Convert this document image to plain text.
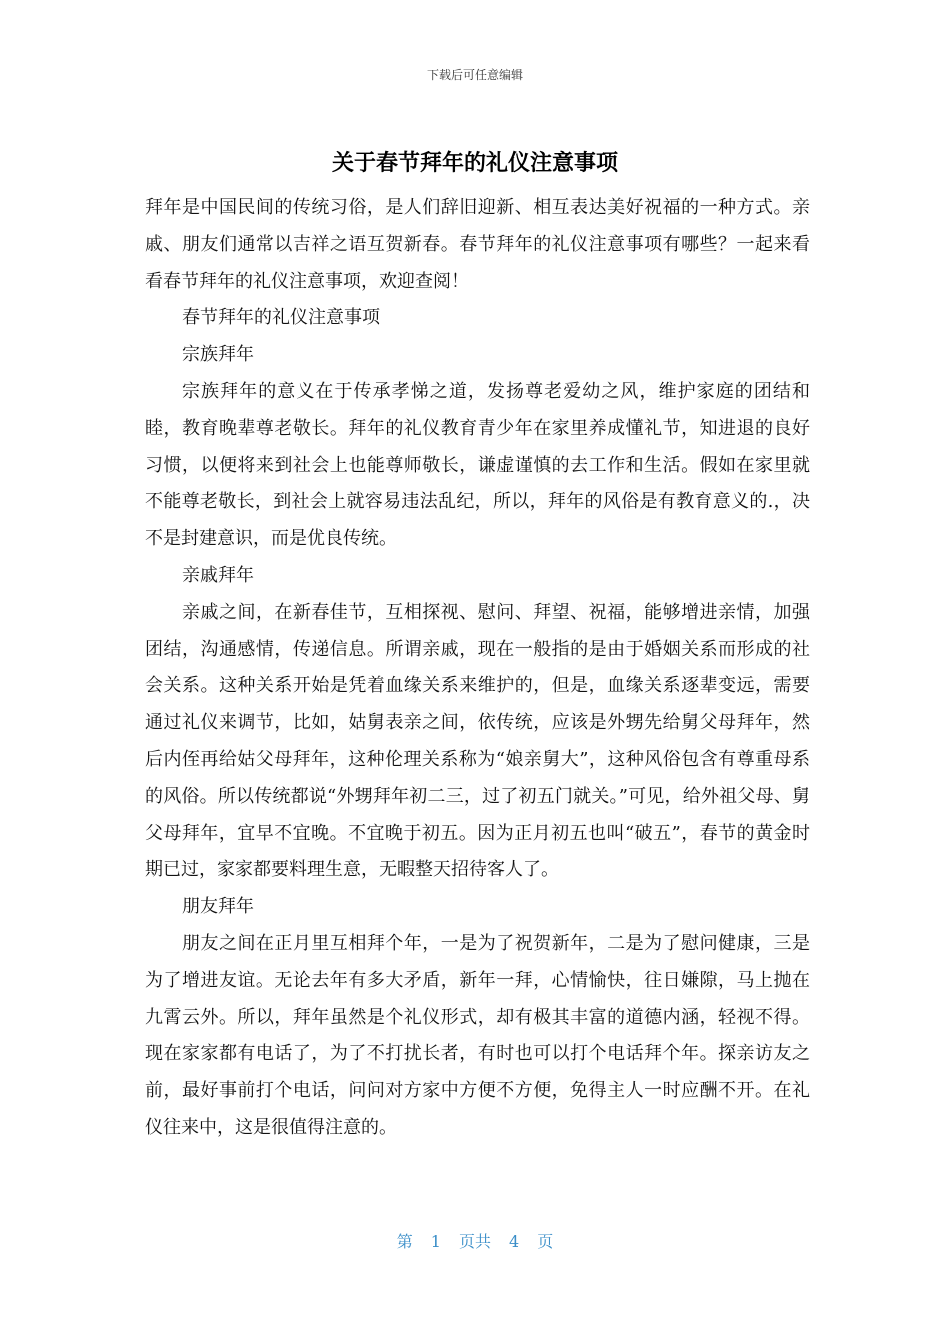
下载后可任意编辑
关于春节拜年的礼仪注意事项

拜年是中国民间的传统习俗，是人们辞旧迎新、相互表达美好祝福的一种方式。亲戚、朋友们通常以吉祥之语互贺新春。春节拜年的礼仪注意事项有哪些？一起来看看春节拜年的礼仪注意事项，欢迎查阅！

春节拜年的礼仪注意事项

宗族拜年

宗族拜年的意义在于传承孝悌之道，发扬尊老爱幼之风，维护家庭的团结和睦，教育晚辈尊老敬长。拜年的礼仪教育青少年在家里养成懂礼节，知进退的良好习惯，以便将来到社会上也能尊师敬长，谦虚谨慎的去工作和生活。假如在家里就不能尊老敬长，到社会上就容易违法乱纪，所以，拜年的风俗是有教育意义的.，决不是封建意识，而是优良传统。

亲戚拜年

亲戚之间，在新春佳节，互相探视、慰问、拜望、祝福，能够增进亲情，加强团结，沟通感情，传递信息。所谓亲戚，现在一般指的是由于婚姻关系而形成的社会关系。这种关系开始是凭着血缘关系来维护的，但是，血缘关系逐辈变远，需要通过礼仪来调节，比如，姑舅表亲之间，依传统，应该是外甥先给舅父母拜年，然后内侄再给姑父母拜年，这种伦理关系称为“娘亲舅大”，这种风俗包含有尊重母系的风俗。所以传统都说“外甥拜年初二三，过了初五门就关。”可见，给外祖父母、舅父母拜年，宜早不宜晚。不宜晚于初五。因为正月初五也叫“破五”，春节的黄金时期已过，家家都要料理生意，无暇整天招待客人了。

朋友拜年

朋友之间在正月里互相拜个年，一是为了祝贺新年，二是为了慰问健康，三是为了增进友谊。无论去年有多大矛盾，新年一拜，心情愉快，往日嫌隙，马上抛在九霄云外。所以，拜年虽然是个礼仪形式，却有极其丰富的道德内涵，轻视不得。现在家家都有电话了，为了不打扰长者，有时也可以打个电话拜个年。探亲访友之前，最好事前打个电话，问问对方家中方便不方便，免得主人一时应酬不开。在礼仪往来中，这是很值得注意的。

第 1 页共 4 页
